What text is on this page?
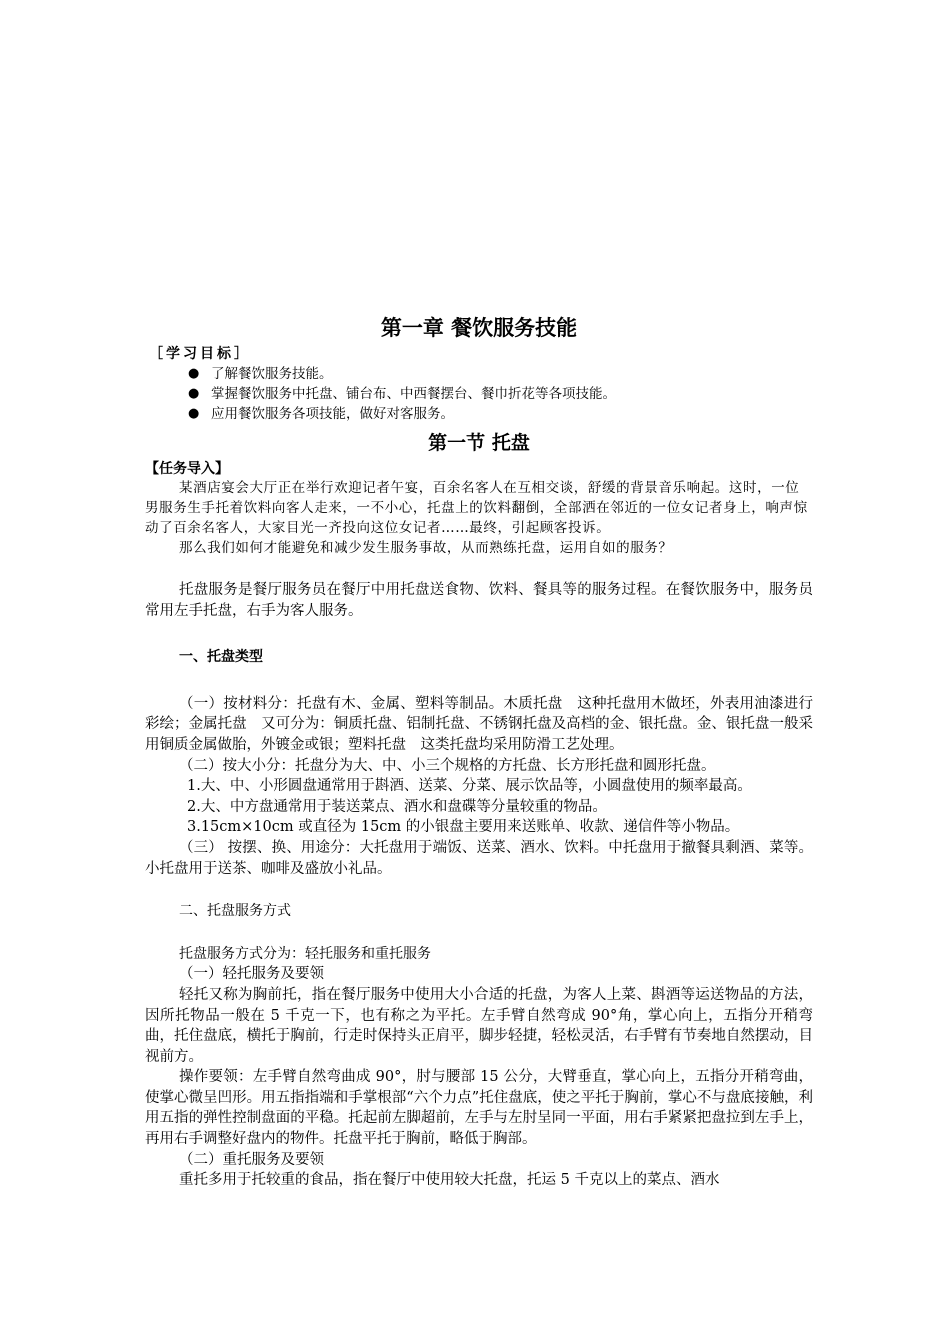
第一章 餐饮服务技能

［学习目标］

● 了解餐饮服务技能。
● 掌握餐饮服务中托盘、铺台布、中西餐摆台、餐巾折花等各项技能。
● 应用餐饮服务各项技能，做好对客服务。
第一节 托盘

【任务导入】

某酒店宴会大厅正在举行欢迎记者午宴，百余名客人在互相交谈，舒缓的背景音乐响起。这时，一位男服务生手托着饮料向客人走来，一不小心，托盘上的饮料翻倒，全部洒在邻近的一位女记者身上，响声惊动了百余名客人，大家目光一齐投向这位女记者……最终，引起顾客投诉。

那么我们如何才能避免和减少发生服务事故，从而熟练托盘，运用自如的服务？

托盘服务是餐厅服务员在餐厅中用托盘送食物、饮料、餐具等的服务过程。在餐饮服务中，服务员常用左手托盘，右手为客人服务。

一、托盘类型

（一）按材料分：托盘有木、金属、塑料等制品。木质托盘　这种托盘用木做坯，外表用油漆进行彩绘；金属托盘　又可分为：铜质托盘、铝制托盘、不锈钢托盘及高档的金、银托盘。金、银托盘一般采用铜质金属做胎，外镀金或银；塑料托盘　这类托盘均采用防滑工艺处理。

（二）按大小分：托盘分为大、中、小三个规格的方托盘、长方形托盘和圆形托盘。

1.大、中、小形圆盘通常用于斟酒、送菜、分菜、展示饮品等，小圆盘使用的频率最高。

2.大、中方盘通常用于装送菜点、酒水和盘碟等分量较重的物品。

3.15cm×10cm 或直径为 15cm 的小银盘主要用来送账单、收款、递信件等小物品。

（三） 按摆、换、用途分：大托盘用于端饭、送菜、酒水、饮料。中托盘用于撤餐具剩酒、菜等。小托盘用于送茶、咖啡及盛放小礼品。

二、托盘服务方式

托盘服务方式分为：轻托服务和重托服务

（一）轻托服务及要领

轻托又称为胸前托，指在餐厅服务中使用大小合适的托盘，为客人上菜、斟酒等运送物品的方法，因所托物品一般在 5 千克一下，也有称之为平托。左手臂自然弯成 90°角，掌心向上，五指分开稍弯曲，托住盘底，横托于胸前，行走时保持头正肩平，脚步轻捷，轻松灵活，右手臂有节奏地自然摆动，目视前方。

操作要领：左手臂自然弯曲成 90°，肘与腰部 15 公分，大臂垂直，掌心向上，五指分开稍弯曲，使掌心微呈凹形。用五指指端和手掌根部“六个力点”托住盘底，使之平托于胸前，掌心不与盘底接触，利用五指的弹性控制盘面的平稳。托起前左脚超前，左手与左肘呈同一平面，用右手紧紧把盘拉到左手上，再用右手调整好盘内的物件。托盘平托于胸前，略低于胸部。

（二）重托服务及要领

重托多用于托较重的食品，指在餐厅中使用较大托盘，托运 5 千克以上的菜点、酒水
